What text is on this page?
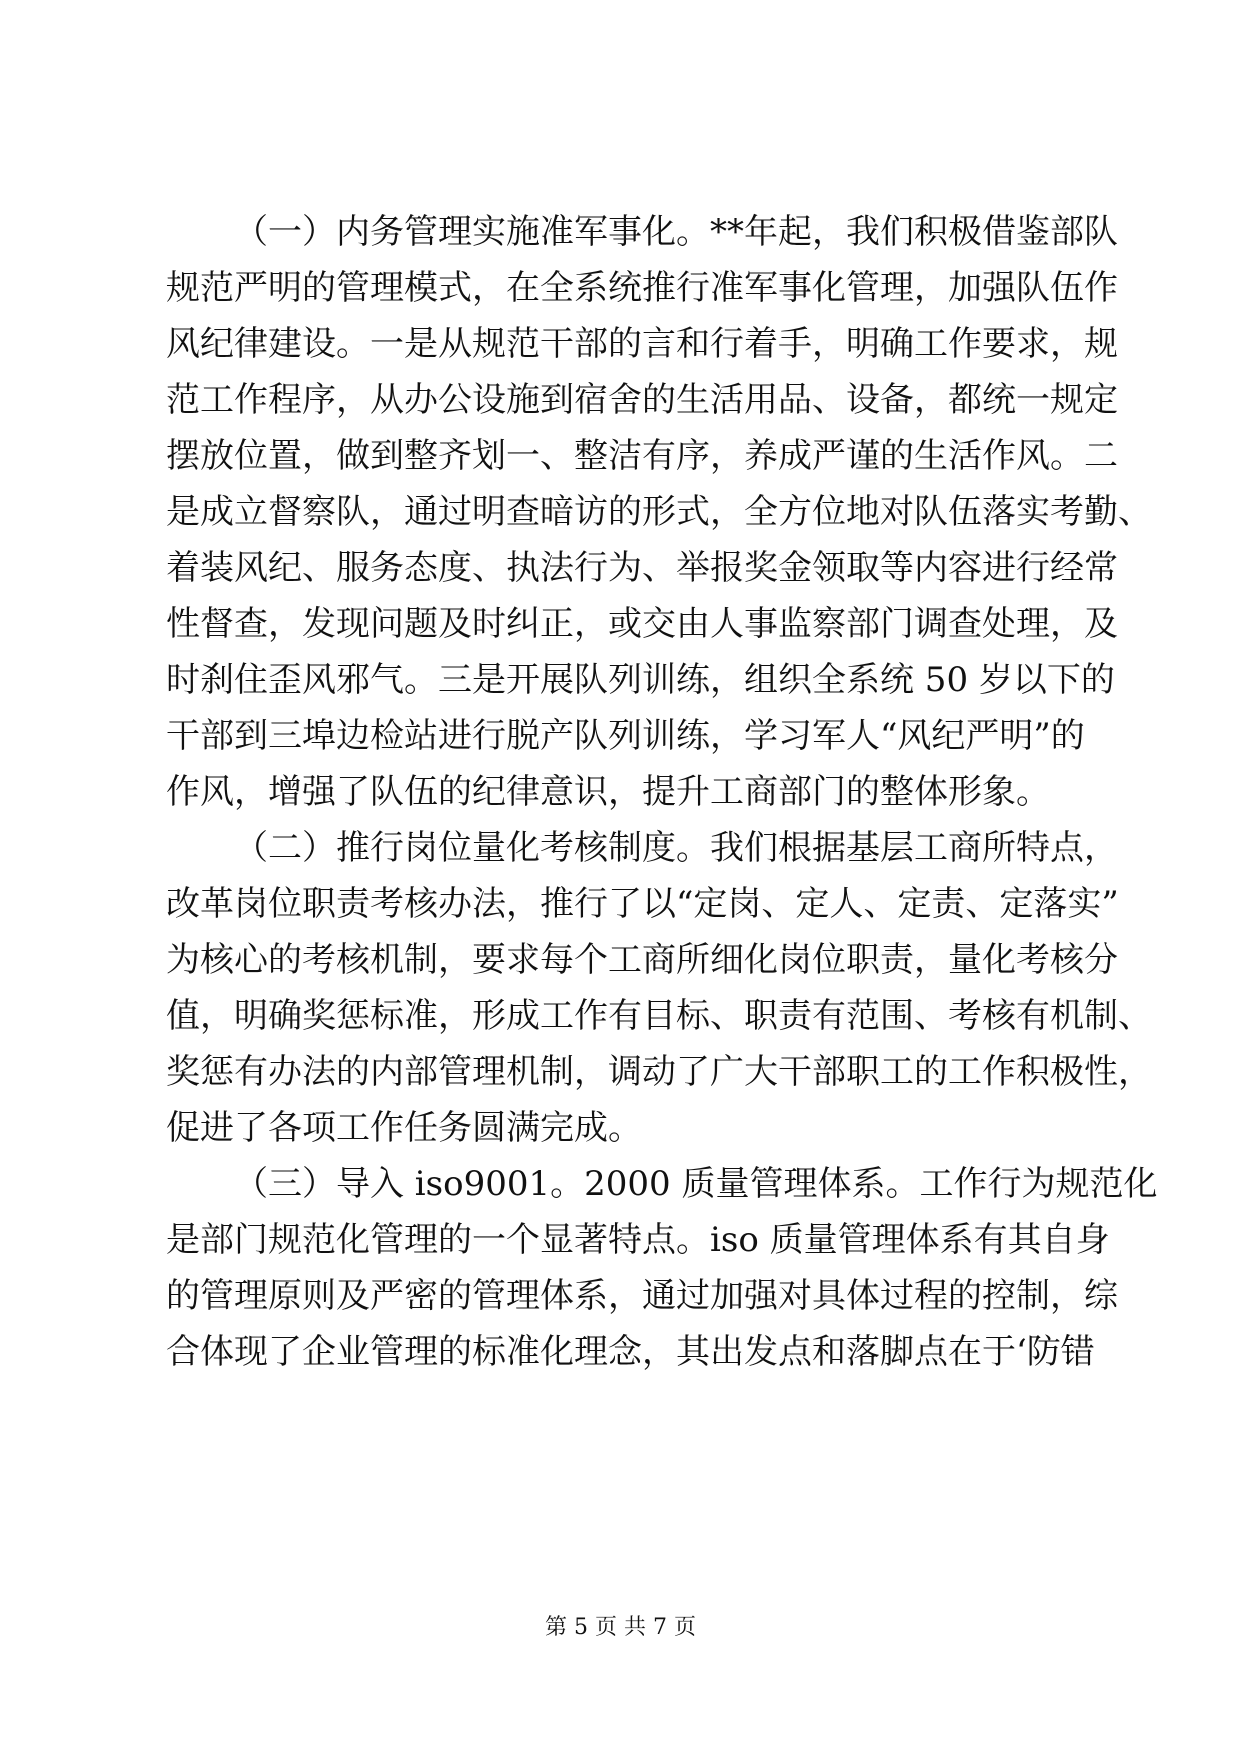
（一）内务管理实施准军事化。**年起，我们积极借鉴部队
规范严明的管理模式，在全系统推行准军事化管理，加强队伍作
风纪律建设。一是从规范干部的言和行着手，明确工作要求，规
范工作程序，从办公设施到宿舍的生活用品、设备，都统一规定
摆放位置，做到整齐划一、整洁有序，养成严谨的生活作风。二
是成立督察队，通过明查暗访的形式，全方位地对队伍落实考勤、
着装风纪、服务态度、执法行为、举报奖金领取等内容进行经常
性督查，发现问题及时纠正，或交由人事监察部门调查处理，及
时刹住歪风邪气。三是开展队列训练，组织全系统 50 岁以下的
干部到三埠边检站进行脱产队列训练，学习军人“风纪严明”的
作风，增强了队伍的纪律意识，提升工商部门的整体形象。
（二）推行岗位量化考核制度。我们根据基层工商所特点，
改革岗位职责考核办法，推行了以“定岗、定人、定责、定落实”
为核心的考核机制，要求每个工商所细化岗位职责，量化考核分
值，明确奖惩标准，形成工作有目标、职责有范围、考核有机制、
奖惩有办法的内部管理机制，调动了广大干部职工的工作积极性，
促进了各项工作任务圆满完成。
（三）导入 iso9001。2000 质量管理体系。工作行为规范化
是部门规范化管理的一个显著特点。iso 质量管理体系有其自身
的管理原则及严密的管理体系，通过加强对具体过程的控制，综
合体现了企业管理的标准化理念，其出发点和落脚点在于‘防错
第 5 页 共 7 页
